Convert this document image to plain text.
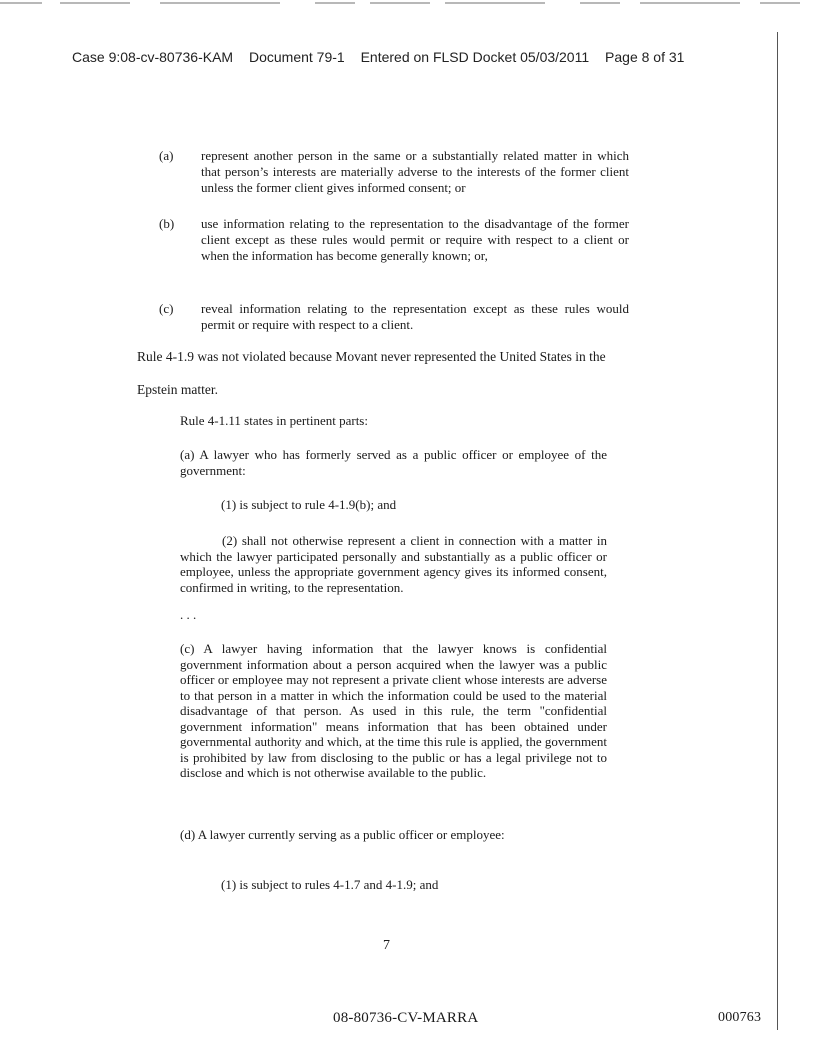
Case 9:08-cv-80736-KAM Document 79-1 Entered on FLSD Docket 05/03/2011 Page 8 of 31
(a) represent another person in the same or a substantially related matter in which that person’s interests are materially adverse to the interests of the former client unless the former client gives informed consent; or
(b) use information relating to the representation to the disadvantage of the former client except as these rules would permit or require with respect to a client or when the information has become generally known; or,
(c) reveal information relating to the representation except as these rules would permit or require with respect to a client.
Rule 4-1.9 was not violated because Movant never represented the United States in the
Epstein matter.
Rule 4-1.11 states in pertinent parts:
(a) A lawyer who has formerly served as a public officer or employee of the government:
(1) is subject to rule 4-1.9(b); and
(2) shall not otherwise represent a client in connection with a matter in which the lawyer participated personally and substantially as a public officer or employee, unless the appropriate government agency gives its informed consent, confirmed in writing, to the representation.
. . .
(c) A lawyer having information that the lawyer knows is confidential government information about a person acquired when the lawyer was a public officer or employee may not represent a private client whose interests are adverse to that person in a matter in which the information could be used to the material disadvantage of that person. As used in this rule, the term "confidential government information" means information that has been obtained under governmental authority and which, at the time this rule is applied, the government is prohibited by law from disclosing to the public or has a legal privilege not to disclose and which is not otherwise available to the public.
(d) A lawyer currently serving as a public officer or employee:
(1) is subject to rules 4-1.7 and 4-1.9; and
7
08-80736-CV-MARRA	000763
